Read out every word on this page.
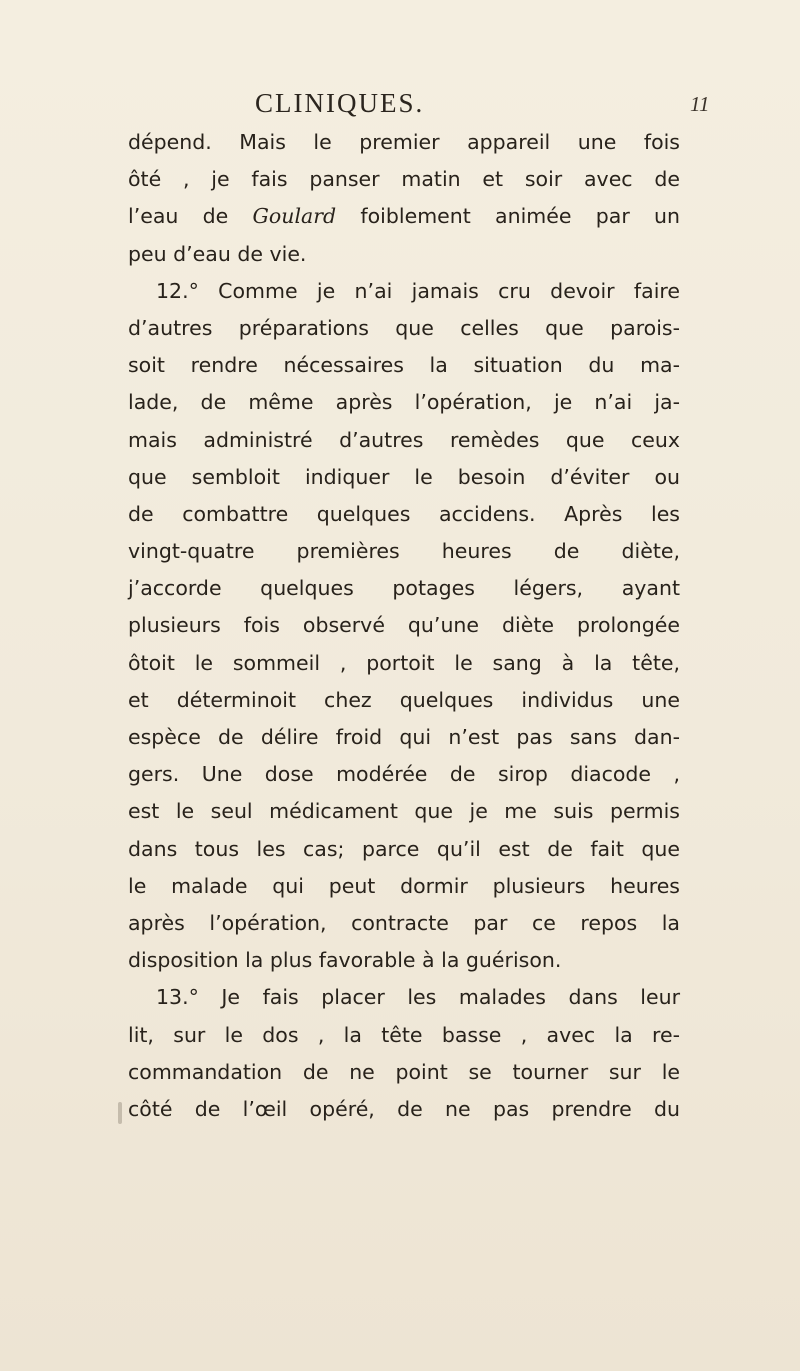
CLINIQUES.	11
dépend. Mais le premier appareil une fois
ôté , je fais panser matin et soir avec de
l’eau de Goulard foiblement animée par un
peu d’eau de vie.
12.° Comme je n’ai jamais cru devoir faire
d’autres préparations que celles que parois-
soit rendre nécessaires la situation du ma-
lade, de même après l’opération, je n’ai ja-
mais administré d’autres remèdes que ceux
que sembloit indiquer le besoin d’éviter ou
de combattre quelques accidens. Après les
vingt-quatre premières heures de diète,
j’accorde quelques potages légers, ayant
plusieurs fois observé qu’une diète prolongée
ôtoit le sommeil , portoit le sang à la tête,
et déterminoit chez quelques individus une
espèce de délire froid qui n’est pas sans dan-
gers. Une dose modérée de sirop diacode ,
est le seul médicament que je me suis permis
dans tous les cas; parce qu’il est de fait que
le malade qui peut dormir plusieurs heures
après l’opération, contracte par ce repos la
disposition la plus favorable à la guérison.
13.° Je fais placer les malades dans leur
lit, sur le dos , la tête basse , avec la re-
commandation de ne point se tourner sur le
côté de l’œil opéré, de ne pas prendre du
